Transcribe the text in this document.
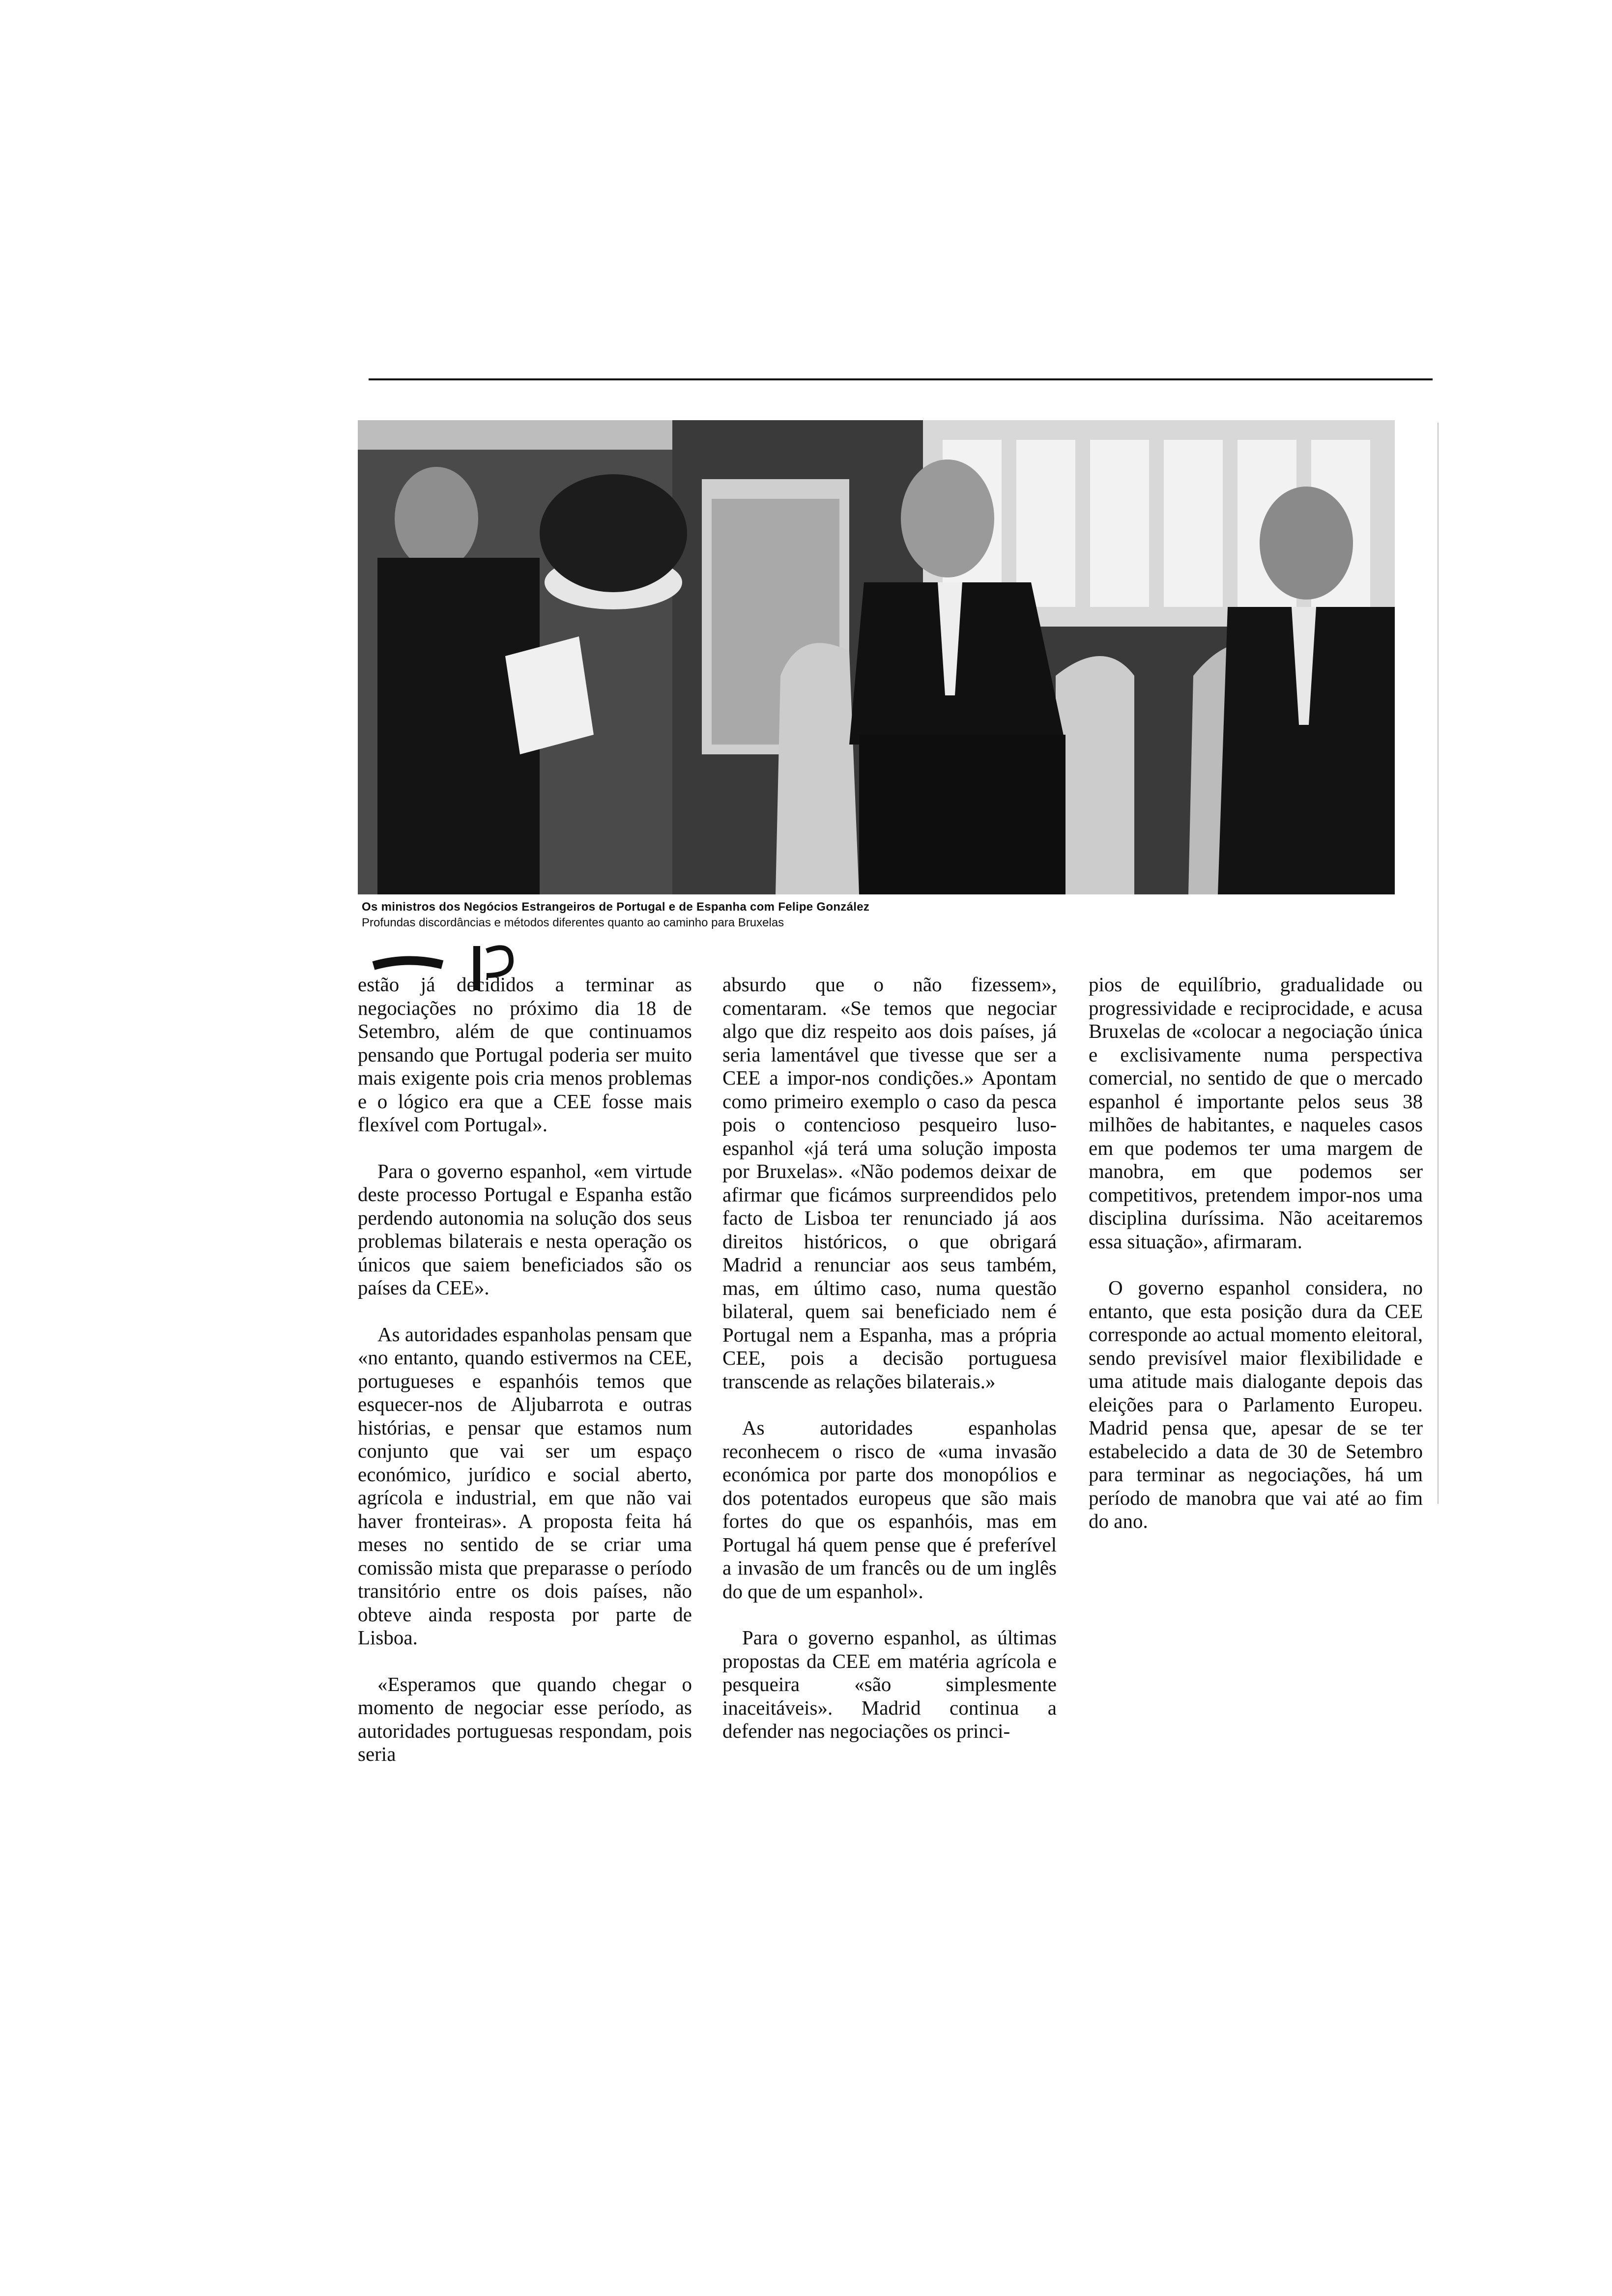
Os ministros dos Negócios Estrangeiros de Portugal e de Espanha com Felipe González
Profundas discordâncias e métodos diferentes quanto ao caminho para Bruxelas

estão já decididos a terminar as negociações no próximo dia 18 de Setembro, além de que continuamos pensando que Portugal poderia ser muito mais exigente pois cria menos problemas e o lógico era que a CEE fosse mais flexível com Portugal».

Para o governo espanhol, «em virtude deste processo Portugal e Espanha estão perdendo autonomia na solução dos seus problemas bilaterais e nesta operação os únicos que saiem beneficiados são os países da CEE».

As autoridades espanholas pensam que «no entanto, quando estivermos na CEE, portugueses e espanhóis temos que esquecer-nos de Aljubarrota e outras histórias, e pensar que estamos num conjunto que vai ser um espaço económico, jurídico e social aberto, agrícola e industrial, em que não vai haver fronteiras». A proposta feita há meses no sentido de se criar uma comissão mista que preparasse o período transitório entre os dois países, não obteve ainda resposta por parte de Lisboa.

«Esperamos que quando chegar o momento de negociar esse período, as autoridades portuguesas respondam, pois seria

absurdo que o não fizessem», comentaram. «Se temos que negociar algo que diz respeito aos dois países, já seria lamentável que tivesse que ser a CEE a impor-nos condições.» Apontam como primeiro exemplo o caso da pesca pois o contencioso pesqueiro luso-espanhol «já terá uma solução imposta por Bruxelas». «Não podemos deixar de afirmar que ficámos surpreendidos pelo facto de Lisboa ter renunciado já aos direitos históricos, o que obrigará Madrid a renunciar aos seus também, mas, em último caso, numa questão bilateral, quem sai beneficiado nem é Portugal nem a Espanha, mas a própria CEE, pois a decisão portuguesa transcende as relações bilaterais.»

As autoridades espanholas reconhecem o risco de «uma invasão económica por parte dos monopólios e dos potentados europeus que são mais fortes do que os espanhóis, mas em Portugal há quem pense que é preferível a invasão de um francês ou de um inglês do que de um espanhol».

Para o governo espanhol, as últimas propostas da CEE em matéria agrícola e pesqueira «são simplesmente inaceitáveis». Madrid continua a defender nas negociações os princi-

pios de equilíbrio, gradualidade ou progressividade e reciprocidade, e acusa Bruxelas de «colocar a negociação única e exclisivamente numa perspectiva comercial, no sentido de que o mercado espanhol é importante pelos seus 38 milhões de habitantes, e naqueles casos em que podemos ter uma margem de manobra, em que podemos ser competitivos, pretendem impor-nos uma disciplina duríssima. Não aceitaremos essa situação», afirmaram.

O governo espanhol considera, no entanto, que esta posição dura da CEE corresponde ao actual momento eleitoral, sendo previsível maior flexibilidade e uma atitude mais dialogante depois das eleições para o Parlamento Europeu. Madrid pensa que, apesar de se ter estabelecido a data de 30 de Setembro para terminar as negociações, há um período de manobra que vai até ao fim do ano.
